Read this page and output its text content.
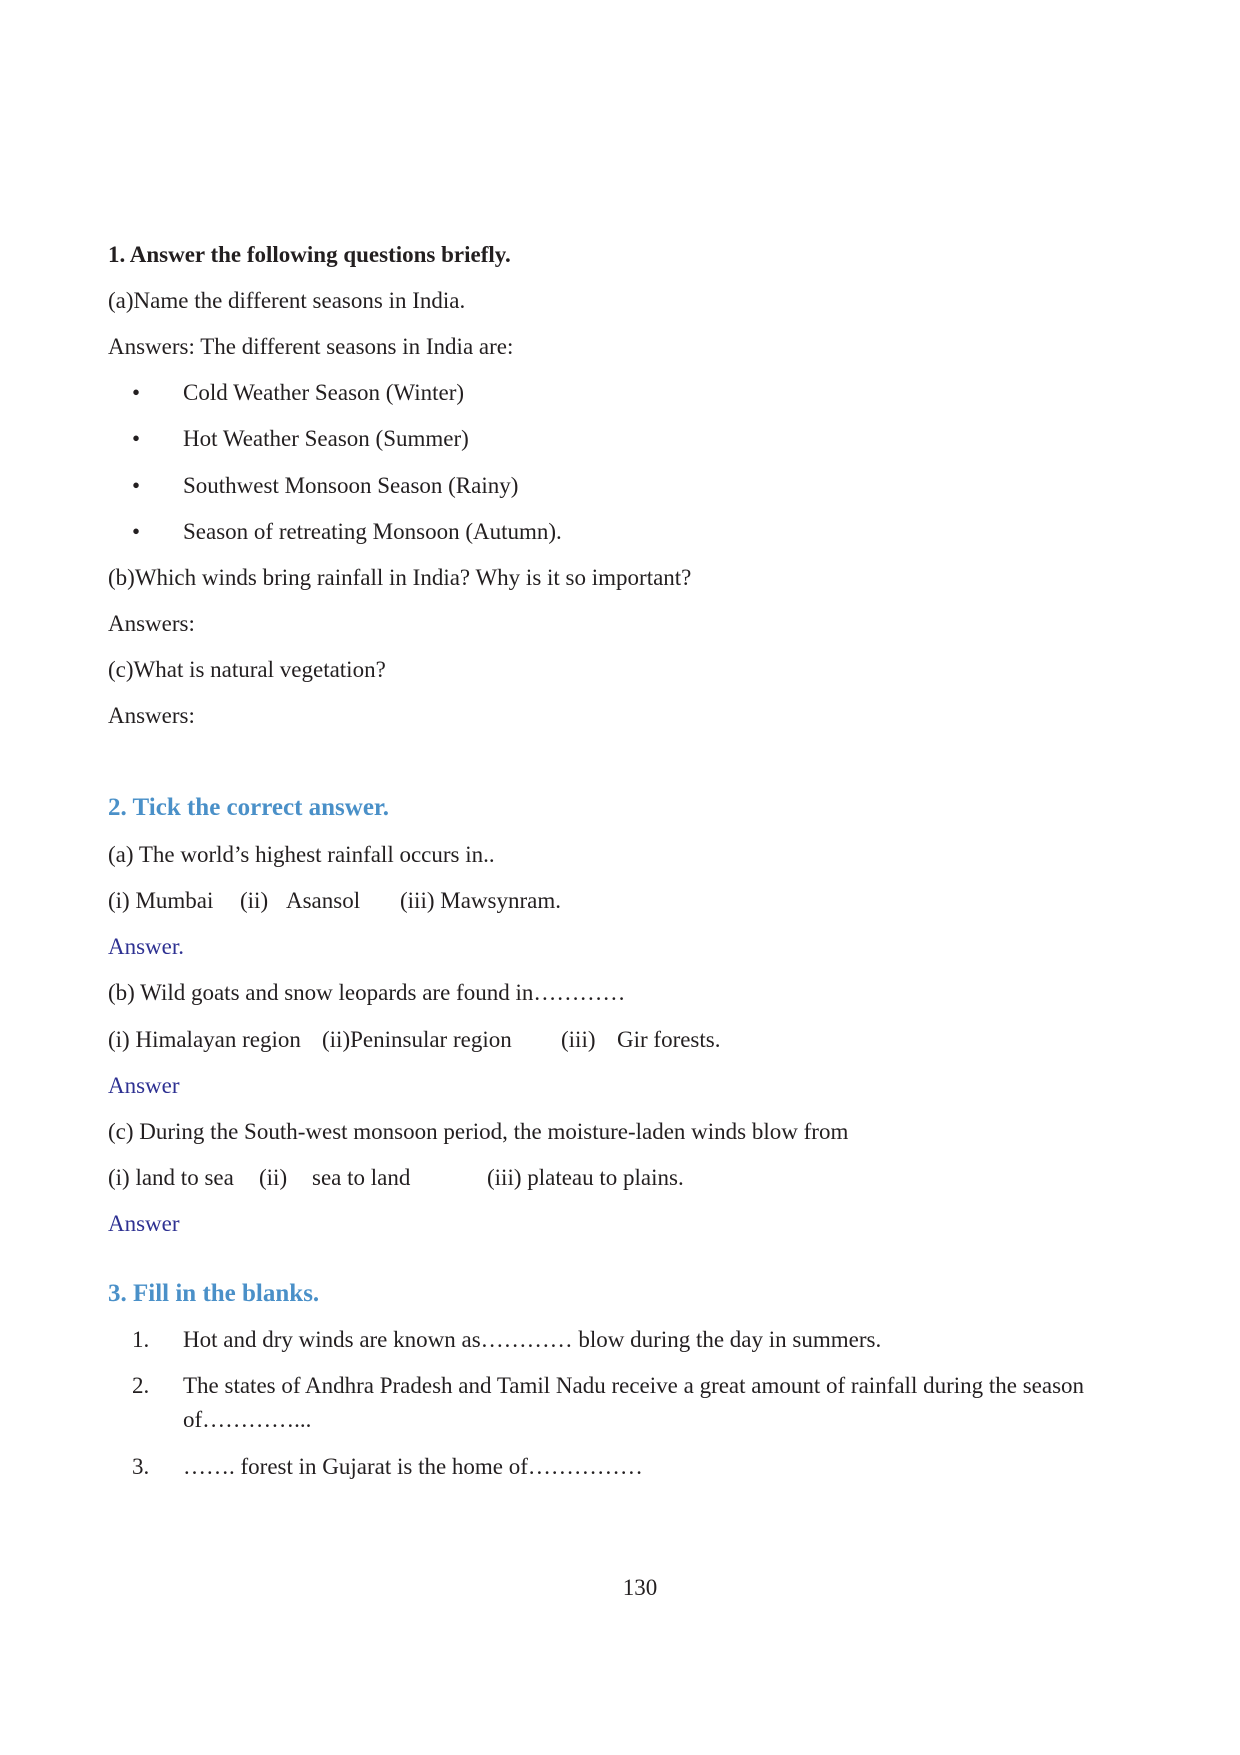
1. Answer the following questions briefly.
(a)Name the different seasons in India.
Answers: The different seasons in India are:
• Cold Weather Season (Winter)
• Hot Weather Season (Summer)
• Southwest Monsoon Season (Rainy)
• Season of retreating Monsoon (Autumn).
(b)Which winds bring rainfall in India? Why is it so important?
Answers:
(c)What is natural vegetation?
Answers:
2. Tick the correct answer.
(a) The world’s highest rainfall occurs in..
(i) Mumbai (ii) Asansol (iii) Mawsynram.
Answer.
(b) Wild goats and snow leopards are found in…………
(i) Himalayan region (ii)Peninsular region (iii) Gir forests.
Answer
(c) During the South-west monsoon period, the moisture-laden winds blow from
(i) land to sea (ii) sea to land	(iii) plateau to plains.
Answer
3. Fill in the blanks.
1. Hot and dry winds are known as………… blow during the day in summers.
2. The states of Andhra Pradesh and Tamil Nadu receive a great amount of rainfall during the season
of…………...
3. ……. forest in Gujarat is the home of……………
130
